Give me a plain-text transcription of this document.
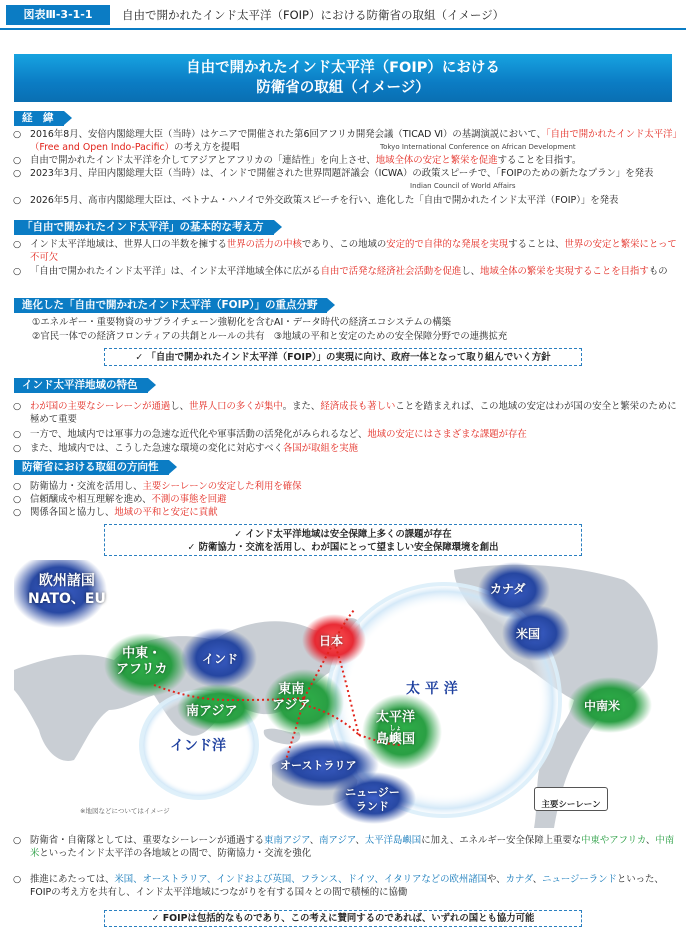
図表Ⅲ-3-1-1	自由で開かれたインド太平洋（FOIP）における防衛省の取組（イメージ）
自由で開かれたインド太平洋（FOIP）における
防衛省の取組（イメージ）
経　緯
○ 2016年8月、安倍内閣総理大臣（当時）はケニアで開催された第6回アフリカ開発会議（TICAD Ⅵ）の基調演説において、「自由で開かれたインド太平洋」（Free and Open Indo-Pacific）の考え方を提唱	Tokyo International Conference on African Development
○ 自由で開かれたインド太平洋を介してアジアとアフリカの「連結性」を向上させ、地域全体の安定と繁栄を促進することを目指す。
○ 2023年3月、岸田内閣総理大臣（当時）は、インドで開催された世界問題評議会（ICWA）の政策スピーチで、「FOIPのための新たなプラン」を発表
Indian Council of World Affairs
○ 2026年5月、高市内閣総理大臣は、ベトナム・ハノイで外交政策スピーチを行い、進化した「自由で開かれたインド太平洋（FOIP）」を発表
「自由で開かれたインド太平洋」の基本的な考え方
○ インド太平洋地域は、世界人口の半数を擁する世界の活力の中核であり、この地域の安定的で自律的な発展を実現することは、世界の安定と繁栄にとって不可欠
○ 「自由で開かれたインド太平洋」は、インド太平洋地域全体に広がる自由で活発な経済社会活動を促進し、地域全体の繁栄を実現することを目指すもの
進化した「自由で開かれたインド太平洋（FOIP）」の重点分野
①エネルギー・重要物資のサプライチェーン強靭化を含むAI・データ時代の経済エコシステムの構築
②官民一体での経済フロンティアの共創とルールの共有　③地域の平和と安定のための安全保障分野での連携拡充
✓ 「自由で開かれたインド太平洋（FOIP）」の実現に向け、政府一体となって取り組んでいく方針
インド太平洋地域の特色
○ わが国の主要なシーレーンが通過し、世界人口の多くが集中。また、経済成長も著しいことを踏まえれば、この地域の安定はわが国の安全と繁栄のために極めて重要
○ 一方で、地域内では軍事力の急速な近代化や軍事活動の活発化がみられるなど、地域の安定にはさまざまな課題が存在
○ また、地域内では、こうした急速な環境の変化に対応すべく各国が取組を実施
防衛省における取組の方向性
○ 防衛協力・交流を活用し、主要シーレーンの安定した利用を確保
○ 信頼醸成や相互理解を進め、不測の事態を回避
○ 関係各国と協力し、地域の平和と安定に貢献
✓ インド太平洋地域は安全保障上多くの課題が存在
✓ 防衛協力・交流を活用し、わが国にとって望ましい安全保障環境を創出
欧州諸国
NATO、EU
カナダ
米国
日本
中東・
アフリカ
インド
南アジア
東南
アジア
インド洋
太 平 洋
太平洋
しょ
島嶼国
中南米
オーストラリア
ニュージー
ランド	主要シーレーン
※地図などについてはイメージ
○ 防衛省・自衛隊としては、重要なシーレーンが通過する東南アジア、南アジア、太平洋島嶼国に加え、エネルギー安全保障上重要な中東やアフリカ、中南米といったインド太平洋の各地域との間で、防衛協力・交流を強化
○ 推進にあたっては、米国、オーストラリア、インドおよび英国、フランス、ドイツ、イタリアなどの欧州諸国や、カナダ、ニュージーランドといった、FOIPの考え方を共有し、インド太平洋地域につながりを有する国々との間で積極的に協働
✓ FOIPは包括的なものであり、この考えに賛同するのであれば、いずれの国とも協力可能
